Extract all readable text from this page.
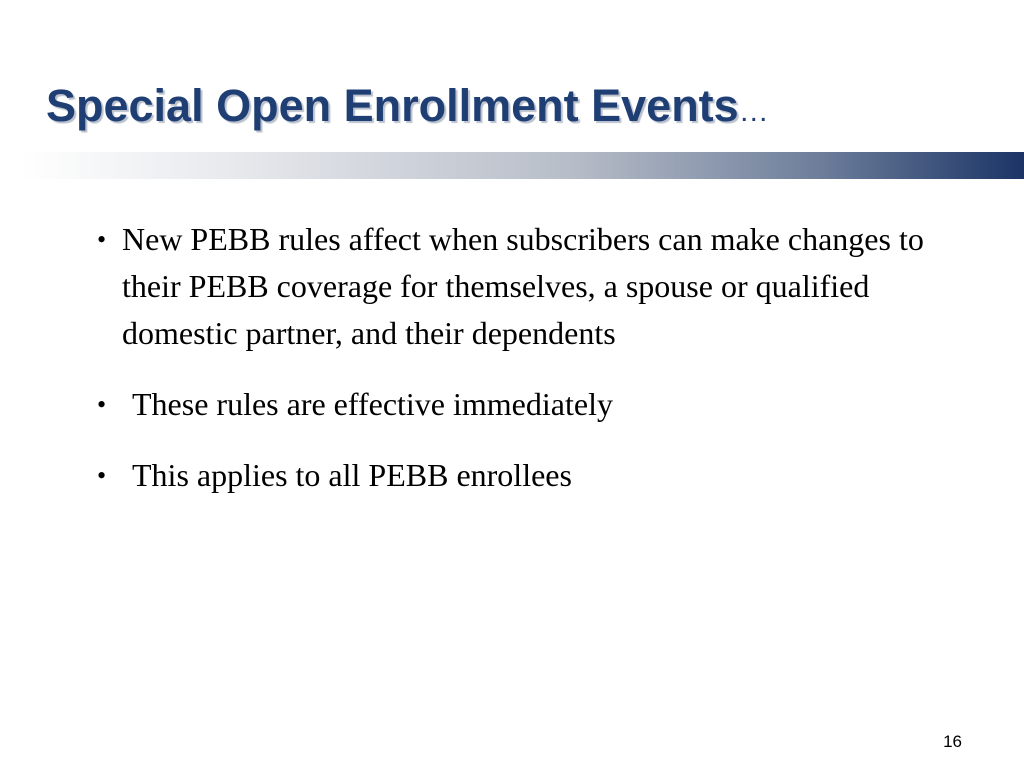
Special Open Enrollment Events…
• New PEBB rules affect when subscribers can make changes to their PEBB coverage for themselves, a spouse or qualified domestic partner, and their dependents
• These rules are effective immediately
• This applies to all PEBB enrollees
16
